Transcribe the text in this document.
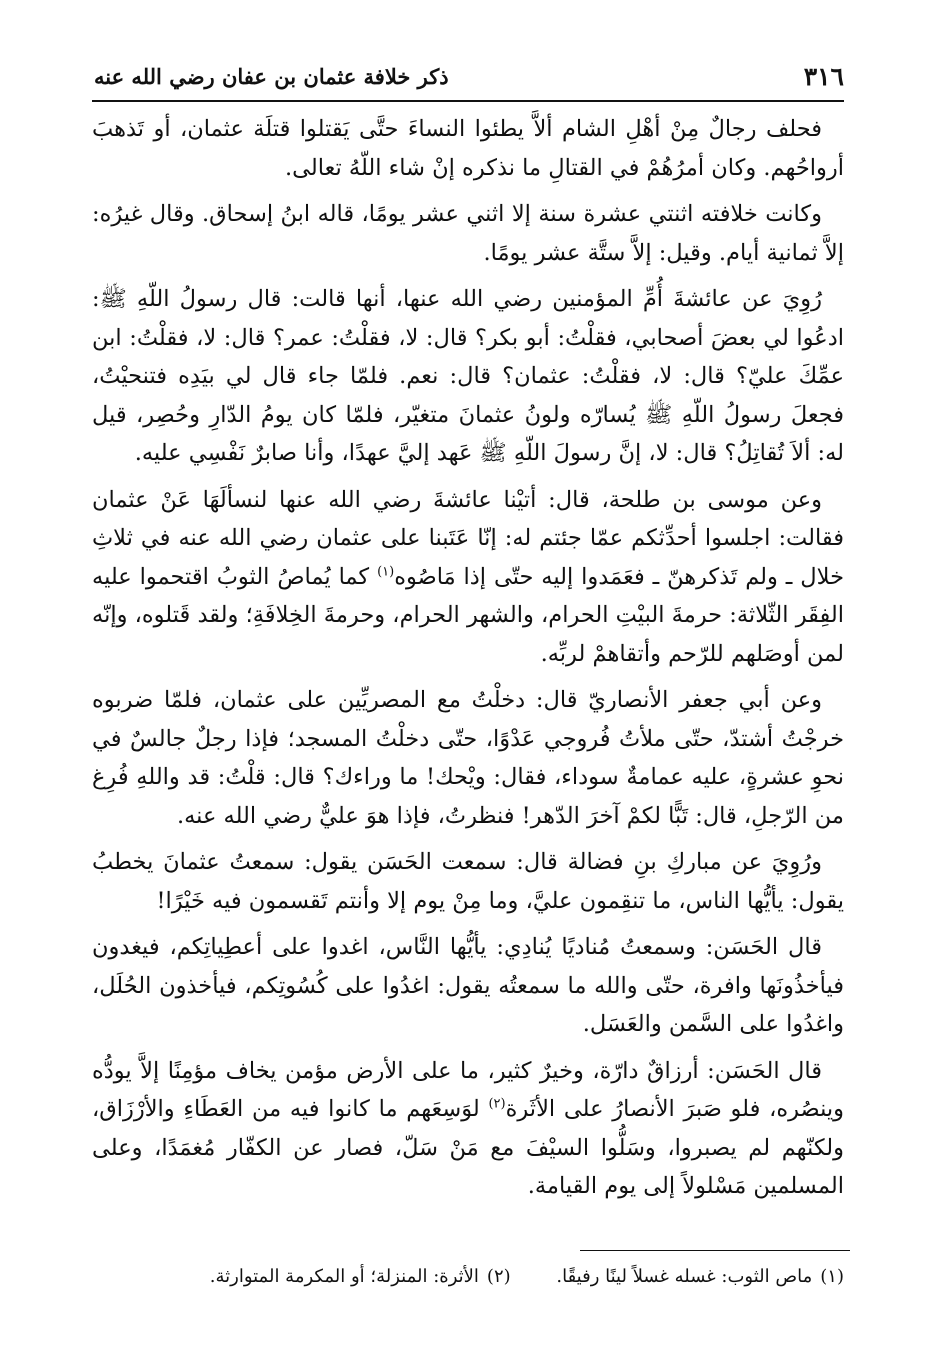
٣١٦
ذكر خلافة عثمان بن عفان رضي الله عنه

فحلف رجالٌ مِنْ أهْلِ الشام ألاَّ يطئوا النساءَ حتَّى يَقتلوا قتلَة عثمان، أو تَذهبَ أرواحُهم. وكان أمرُهُمْ في القتالِ ما نذكره إنْ شاء اللّهُ تعالى.

وكانت خلافته اثنتي عشرة سنة إلا اثني عشر يومًا، قاله ابنُ إسحاق. وقال غيرُه: إلاَّ ثمانية أيام. وقيل: إلاَّ ستَّة عشر يومًا.

رُوِيَ عن عائشةَ أُمِّ المؤمنين رضي الله عنها، أنها قالت: قال رسولُ اللّهِ ﷺ: ادعُوا لي بعضَ أصحابي، فقلْتُ: أبو بكر؟ قال: لا، فقلْتُ: عمر؟ قال: لا، فقلْتُ: ابن عمِّكَ عليّ؟ قال: لا، فقلْتُ: عثمان؟ قال: نعم. فلمّا جاء قال لي بيَدِه فتنحيْتُ، فجعلَ رسولُ اللّهِ ﷺ يُسارّه ولونُ عثمانَ متغيّر، فلمّا كان يومُ الدّارِ وحُصِر، قيل له: ألاَ تُقاتِلُ؟ قال: لا، إنَّ رسولَ اللّهِ ﷺ عَهد إليَّ عهدًا، وأنا صابرٌ نَفْسِي عليه.

وعن موسى بن طلحة، قال: أتيْنا عائشةَ رضي الله عنها لنسألَهَا عَنْ عثمان فقالت: اجلسوا أحدِّثكم عمّا جئتم له: إنّا عَتَبنا على عثمان رضي الله عنه في ثلاثِ خلال ـ ولم تَذكرهنّ ـ فعَمَدوا إليه حتّى إذا مَاصُوه$^{(١)}$ كما يُماصُ الثوبُ اقتحموا عليه الفِقَر الثّلاثة: حرمةَ البيْتِ الحرام، والشهر الحرام، وحرمةَ الخِلافَةِ؛ ولقد قَتلوه، وإنّه لمن أوصَلهم للرّحم وأتقاهمْ لربِّه.

وعن أبي جعفر الأنصاريّ قال: دخلْتُ مع المصريِّين على عثمان، فلمّا ضربوه خرجْتُ أشتدّ، حتّى ملأتُ فُروجي عَدْوًا، حتّى دخلْتُ المسجد؛ فإذا رجلٌ جالسٌ في نحوِ عشرةٍ، عليه عمامةٌ سوداء، فقال: ويْحك! ما وراءك؟ قال: قلْتُ: قد واللهِ فُرِغ من الرّجلِ، قال: تَبًّا لكمْ آخرَ الدّهر! فنظرتُ، فإذا هوَ عليٌّ رضي الله عنه.

ورُوِيَ عن مباركِ بنِ فضالة قال: سمعت الحَسَن يقول: سمعتُ عثمانَ يخطبُ يقول: يأيُّها الناس، ما تنقِمون عليَّ، وما مِنْ يوم إلا وأنتم تَقسمون فيه خَيْرًا!

قال الحَسَن: وسمعتُ مُناديًا يُنادِي: يأيُّها النَّاس، اغدوا على أعطِياتِكم، فيغدون فيأخذُونَها وافرة، حتّى والله ما سمعتُه يقول: اغدُوا على كُسُوتِكم، فيأخذون الحُلَل، واغدُوا على السَّمن والعَسَل.

قال الحَسَن: أرزاقٌ دارّة، وخيرٌ كثير، ما على الأرض مؤمن يخاف مؤمِنًا إلاَّ يودُّه وينصُره، فلو صَبرَ الأنصارُ على الأثَرة$^{(٢)}$ لوَسِعَهم ما كانوا فيه من العَطَاءِ والأرْزَاق، ولكنّهم لم يصبروا، وسَلُّوا السيْفَ مع مَنْ سَلّ، فصار عن الكفّار مُغمَدًا، وعلى المسلمين مَسْلولاً إلى يوم القيامة.

(١)ماص الثوب: غسله غسلاً لينًا رفيقًا. (٢)الأثرة: المنزلة؛ أو المكرمة المتوارثة.
